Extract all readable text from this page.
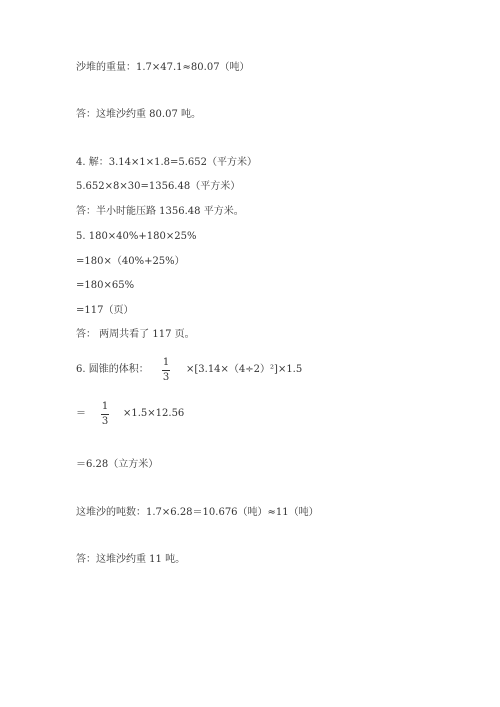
沙堆的重量：1.7×47.1≈80.07（吨）
答：这堆沙约重 80.07 吨。
4. 解：3.14×1×1.8=5.652（平方米）
5.652×8×30=1356.48（平方米）
答：半小时能压路 1356.48 平方米。
5. 180×40%+180×25%
=180×（40%+25%）
=180×65%
=117（页）
答： 两周共看了 117 页。
6. 圆锥的体积：
1
3
×[3.14×（4÷2）²]×1.5
＝
1
3
×1.5×12.56
＝6.28（立方米）
这堆沙的吨数：1.7×6.28＝10.676（吨）≈11（吨）
答：这堆沙约重 11 吨。
